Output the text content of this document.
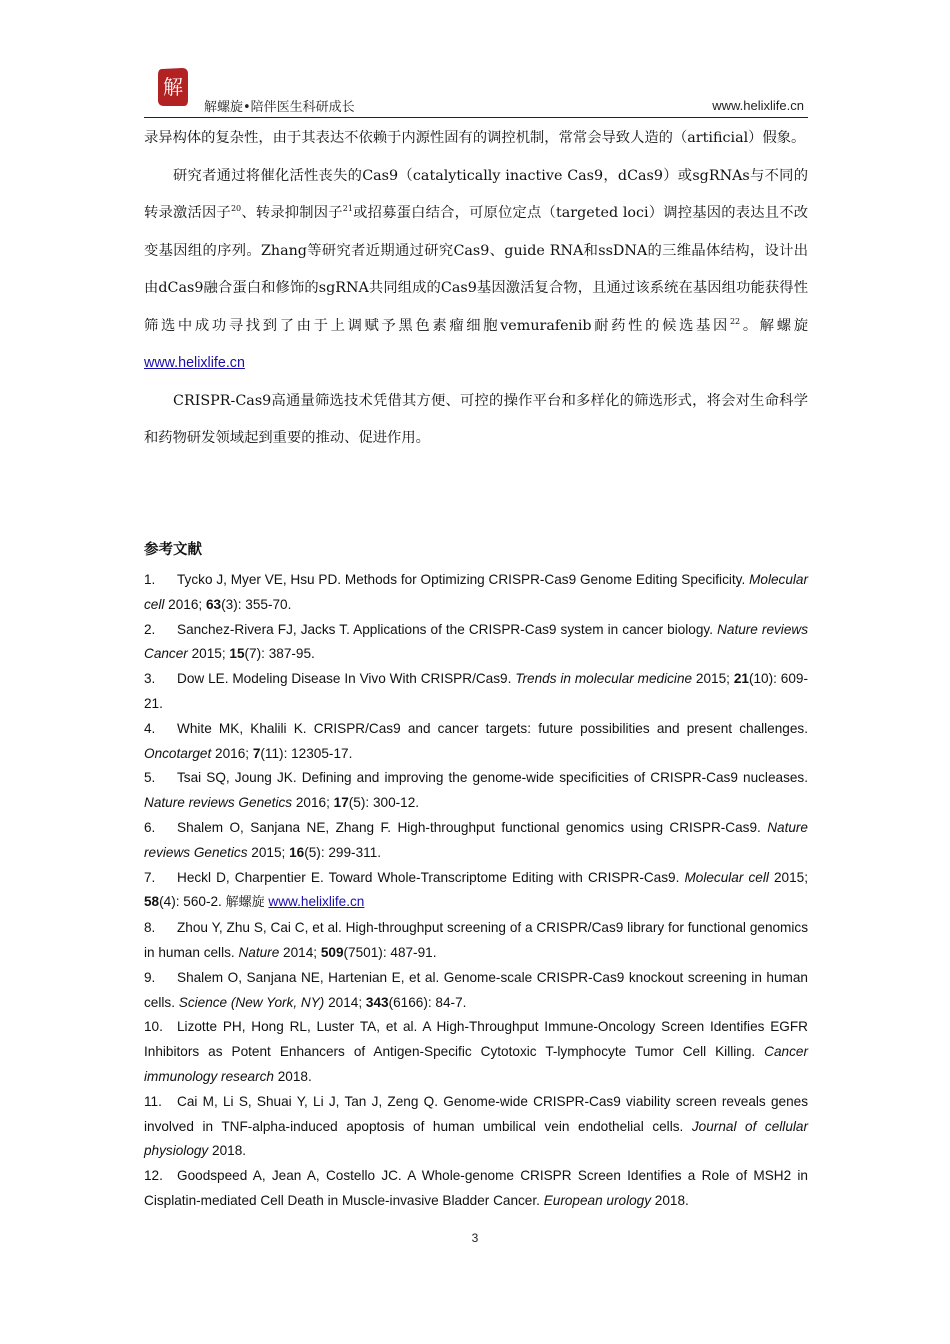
解
解螺旋•陪伴医生科研成长	www.helixlife.cn

录异构体的复杂性，由于其表达不依赖于内源性固有的调控机制，常常会导致人造的（artificial）假象。

研究者通过将催化活性丧失的Cas9（catalytically inactive Cas9，dCas9）或sgRNAs与不同的转录激活因子$^{20}$、转录抑制因子$^{21}$或招募蛋白结合，可原位定点（targeted loci）调控基因的表达且不改变基因组的序列。Zhang等研究者近期通过研究Cas9、guide RNA和ssDNA的三维晶体结构，设计出由dCas9融合蛋白和修饰的sgRNA共同组成的Cas9基因激活复合物，且通过该系统在基因组功能获得性筛选中成功寻找到了由于上调赋予黑色素瘤细胞vemurafenib耐药性的候选基因$^{22}$。解螺旋 www.helixlife.cn

CRISPR-Cas9高通量筛选技术凭借其方便、可控的操作平台和多样化的筛选形式，将会对生命科学和药物研发领域起到重要的推动、促进作用。

参考文献
1. Tycko J, Myer VE, Hsu PD. Methods for Optimizing CRISPR-Cas9 Genome Editing Specificity. Molecular cell 2016; 63(3): 355-70.
2. Sanchez-Rivera FJ, Jacks T. Applications of the CRISPR-Cas9 system in cancer biology. Nature reviews Cancer 2015; 15(7): 387-95.
3. Dow LE. Modeling Disease In Vivo With CRISPR/Cas9. Trends in molecular medicine 2015; 21(10): 609-21.
4. White MK, Khalili K. CRISPR/Cas9 and cancer targets: future possibilities and present challenges. Oncotarget 2016; 7(11): 12305-17.
5. Tsai SQ, Joung JK. Defining and improving the genome-wide specificities of CRISPR-Cas9 nucleases. Nature reviews Genetics 2016; 17(5): 300-12.
6. Shalem O, Sanjana NE, Zhang F. High-throughput functional genomics using CRISPR-Cas9. Nature reviews Genetics 2015; 16(5): 299-311.
7. Heckl D, Charpentier E. Toward Whole-Transcriptome Editing with CRISPR-Cas9. Molecular cell 2015; 58(4): 560-2. 解螺旋 www.helixlife.cn
8. Zhou Y, Zhu S, Cai C, et al. High-throughput screening of a CRISPR/Cas9 library for functional genomics in human cells. Nature 2014; 509(7501): 487-91.
9. Shalem O, Sanjana NE, Hartenian E, et al. Genome-scale CRISPR-Cas9 knockout screening in human cells. Science (New York, NY) 2014; 343(6166): 84-7.
10. Lizotte PH, Hong RL, Luster TA, et al. A High-Throughput Immune-Oncology Screen Identifies EGFR Inhibitors as Potent Enhancers of Antigen-Specific Cytotoxic T-lymphocyte Tumor Cell Killing. Cancer immunology research 2018.
11. Cai M, Li S, Shuai Y, Li J, Tan J, Zeng Q. Genome-wide CRISPR-Cas9 viability screen reveals genes involved in TNF-alpha-induced apoptosis of human umbilical vein endothelial cells. Journal of cellular physiology 2018.
12. Goodspeed A, Jean A, Costello JC. A Whole-genome CRISPR Screen Identifies a Role of MSH2 in Cisplatin-mediated Cell Death in Muscle-invasive Bladder Cancer. European urology 2018.
3
